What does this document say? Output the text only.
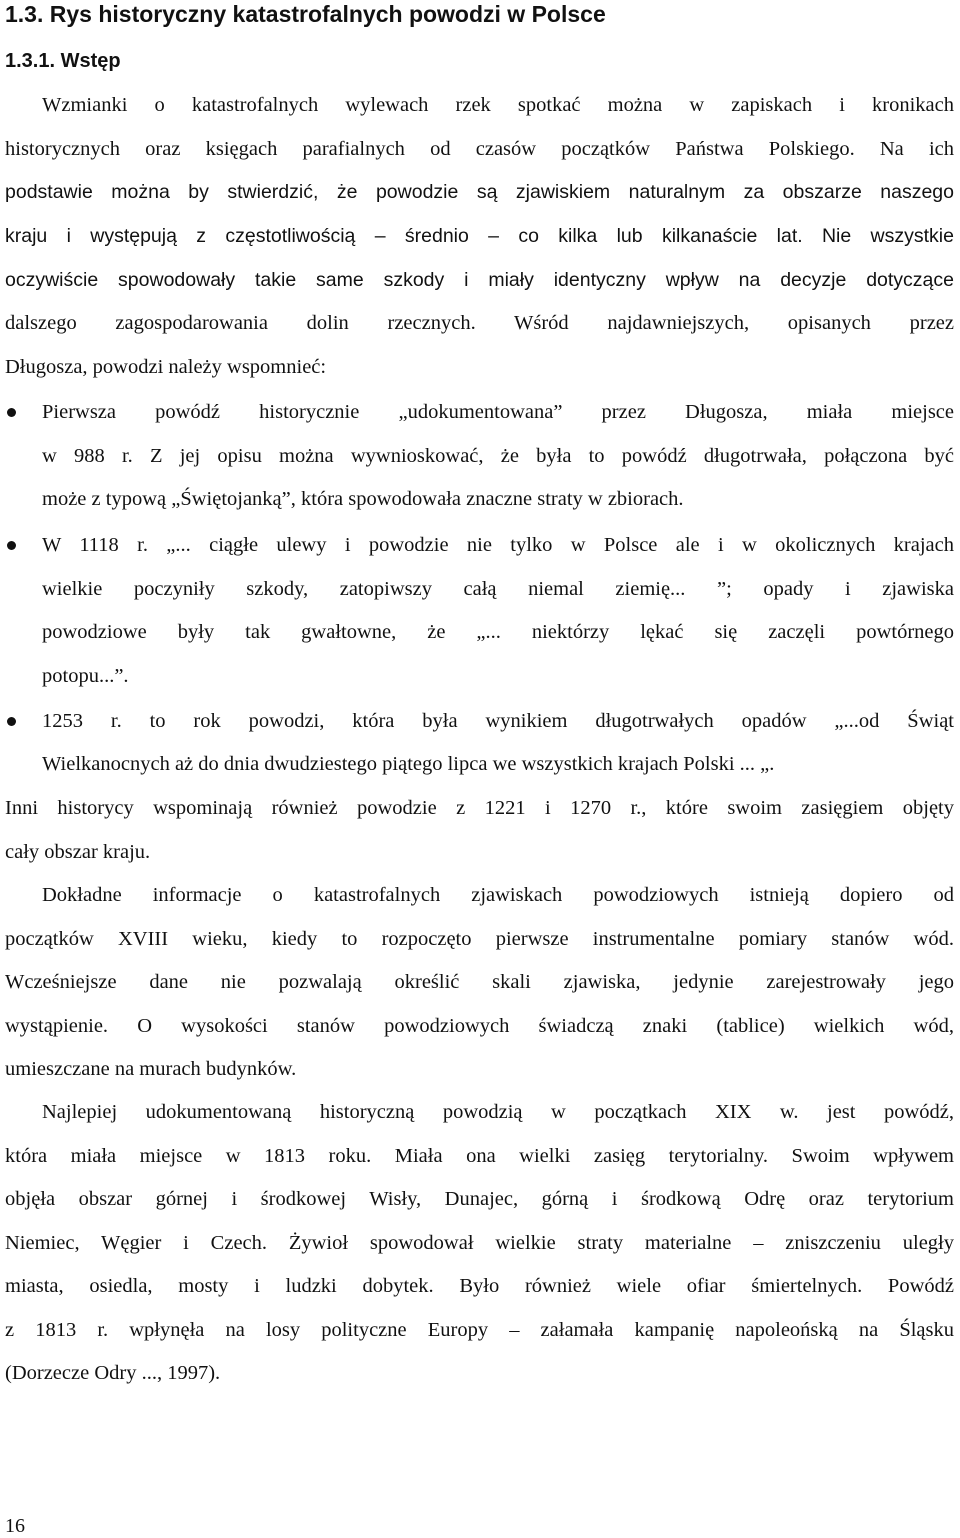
1.3. Rys historyczny katastrofalnych powodzi w Polsce
1.3.1. Wstęp
Wzmianki o katastrofalnych wylewach rzek spotkać można w zapiskach i kronikach
historycznych oraz księgach parafialnych od czasów początków Państwa Polskiego. Na ich
podstawie można by stwierdzić, że powodzie są zjawiskiem naturalnym za obszarze naszego
kraju i występują z częstotliwością – średnio – co kilka lub kilkanaście lat. Nie wszystkie
oczywiście spowodowały takie same szkody i miały identyczny wpływ na decyzje dotyczące
dalszego zagospodarowania dolin rzecznych. Wśród najdawniejszych, opisanych przez
Długosza, powodzi należy wspomnieć:
Pierwsza powódź historycznie „udokumentowana” przez Długosza, miała miejsce
w 988 r. Z jej opisu można wywnioskować, że była to powódź długotrwała, połączona być
może z typową „Świętojanką”, która spowodowała znaczne straty w zbiorach.
W 1118 r. „... ciągłe ulewy i powodzie nie tylko w Polsce ale i w okolicznych krajach
wielkie poczyniły szkody, zatopiwszy całą niemal ziemię... ”; opady i zjawiska
powodziowe były tak gwałtowne, że „... niektórzy lękać się zaczęli powtórnego
potopu...”.
1253 r. to rok powodzi, która była wynikiem długotrwałych opadów „...od Świąt
Wielkanocnych aż do dnia dwudziestego piątego lipca we wszystkich krajach Polski ... „.
Inni historycy wspominają również powodzie z 1221 i 1270 r., które swoim zasięgiem objęty
cały obszar kraju.
Dokładne informacje o katastrofalnych zjawiskach powodziowych istnieją dopiero od
początków XVIII wieku, kiedy to rozpoczęto pierwsze instrumentalne pomiary stanów wód.
Wcześniejsze dane nie pozwalają określić skali zjawiska, jedynie zarejestrowały jego
wystąpienie. O wysokości stanów powodziowych świadczą znaki (tablice) wielkich wód,
umieszczane na murach budynków.
Najlepiej udokumentowaną historyczną powodzią w początkach XIX w. jest powódź,
która miała miejsce w 1813 roku. Miała ona wielki zasięg terytorialny. Swoim wpływem
objęła obszar górnej i środkowej Wisły, Dunajec, górną i środkową Odrę oraz terytorium
Niemiec, Węgier i Czech. Żywioł spowodował wielkie straty materialne – zniszczeniu uległy
miasta, osiedla, mosty i ludzki dobytek. Było również wiele ofiar śmiertelnych. Powódź
z 1813 r. wpłynęła na losy polityczne Europy – załamała kampanię napoleońską na Śląsku
(Dorzecze Odry ..., 1997).
16
